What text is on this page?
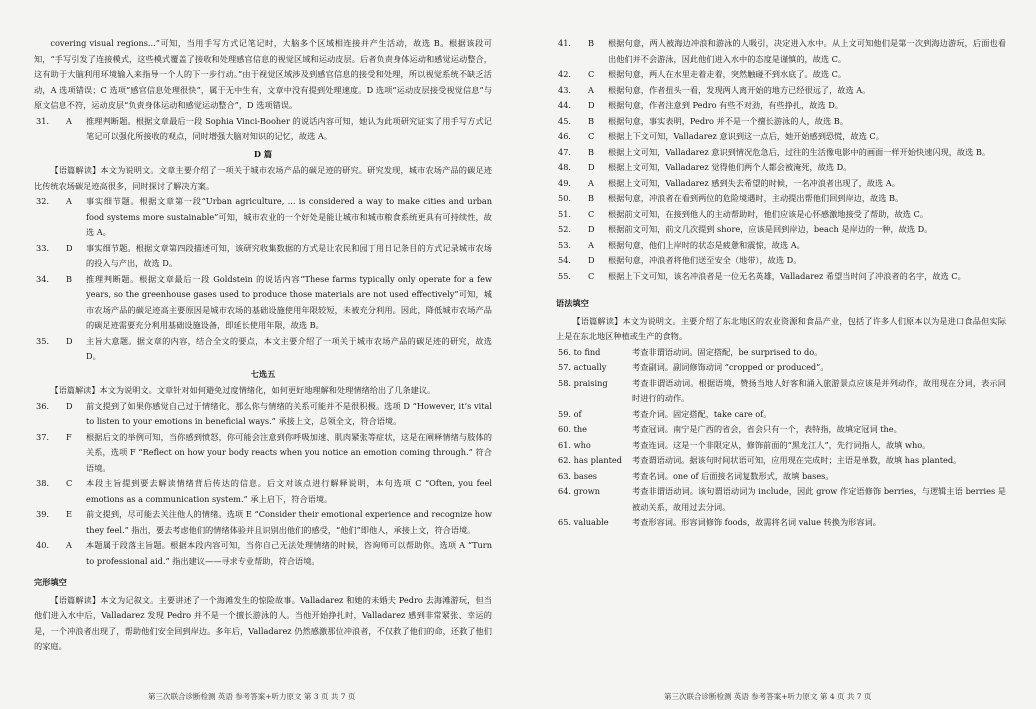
covering visual regions...”可知，当用手写方式记笔记时，大脑多个区域相连接并产生活动，故选 B。根据该段可知，“手写引发了连接模式，这些模式覆盖了接收和处理感官信息的视觉区域和运动皮层。后者负责身体运动和感觉运动整合，这有助于大脑利用环境输入来指导一个人的下一步行动。”由于视觉区域涉及到感官信息的接受和处理，所以视觉系统不缺乏活动，A 选项错误；C 选项“感官信息处理很快”，属于无中生有，文章中没有提到处理速度。D 选项“运动皮层接受视觉信息”与原文信息不符，运动皮层“负责身体运动和感觉运动整合”，D 选项错误。

31.	A	推理判断题。根据文章最后一段 Sophia Vinci-Booher 的说话内容可知，她认为此项研究证实了用手写方式记笔记可以强化所接收的观点，同时增强大脑对知识的记忆，故选 A。
D 篇

【语篇解读】本文为说明文。文章主要介绍了一项关于城市农场产品的碳足迹的研究。研究发现，城市农场产品的碳足迹比传统农场碳足迹高很多，同时探讨了解决方案。

32.	A	事实细节题。根据文章第一段“Urban agriculture, ... is considered a way to make cities and urban food systems more sustainable”可知，城市农业的一个好处是能让城市和城市粮食系统更具有可持续性，故选 A。
33.	D	事实细节题。根据文章第四段描述可知，该研究收集数据的方式是让农民和园丁用日记条目的方式记录城市农场的投入与产出，故选 D。
34.	B	推理判断题。根据文章最后一段 Goldstein 的说话内容“These farms typically only operate for a few years, so the greenhouse gases used to produce those materials are not used effectively”可知，城市农场产品的碳足迹高主要原因是城市农场的基础设施使用年限较短，未被充分利用。因此，降低城市农场产品的碳足迹需要充分利用基础设施设备，即延长使用年限，故选 B。
35.	D	主旨大意题。据文章的内容，结合全文的要点，本文主要介绍了一项关于城市农场产品的碳足迹的研究，故选 D。
七选五

【语篇解读】本文为说明文。文章针对如何避免过度情绪化，如何更好地理解和处理情绪给出了几条建议。

36.	D	前文提到了如果你感觉自己过于情绪化，那么你与情绪的关系可能并不是很积极。选项 D “However, it’s vital to listen to your emotions in beneficial ways.” 承接上文，总领全文，符合语境。
37.	F	根据后文的举例可知，当你感到愤怒，你可能会注意到你呼吸加速、肌肉紧张等症状，这是在阐释情绪与肢体的关系，选项 F “Reflect on how your body reacts when you notice an emotion coming through.” 符合语境。
38.	C	本段主旨提到要去解读情绪背后传达的信息。后文对该点进行解释说明，本句选项 C “Often, you feel emotions as a communication system.” 承上启下，符合语境。
39.	E	前文提到，尽可能去关注他人的情绪。选项 E “Consider their emotional experience and recognize how they feel.” 指出，要去考虑他们的情绪体验并且识别出他们的感受，“他们”即他人，承接上文，符合语境。
40.	A	本题属于段落主旨题。根据本段内容可知，当你自己无法处理情绪的时候，咨询师可以帮助你。选项 A “Turn to professional aid.” 指出建议——寻求专业帮助，符合语境。
完形填空

【语篇解读】本文为记叙文。主要讲述了一个海滩发生的惊险故事。Valladarez 和她的未婚夫 Pedro 去海滩游玩，但当他们进入水中后，Valladarez 发现 Pedro 并不是一个擅长游泳的人。当他开始挣扎时，Valladarez 感到非常紧张、幸运的是，一个冲浪者出现了，帮助他们安全回到岸边。多年后，Valladarez 仍然感激那位冲浪者，不仅救了他们的命，还救了他们的家庭。

第三次联合诊断检测 英语 参考答案+听力原文 第 3 页 共 7 页
41.	B	根据句意，两人被海边冲浪和游泳的人吸引，决定进入水中。从上文可知他们是第一次到海边游玩，后面也看出他们并不会游泳，因此他们进入水中的态度是谨慎的，故选 C。
42.	C	根据句意，两人在水里走着走着，突然触碰不到水底了。故选 C。
43.	A	根据句意，作者扭头一看，发现两人离开始的地方已经很远了，故选 A。
44.	D	根据句意，作者注意到 Pedro 有些不对劲，有些挣扎，故选 D。
45.	B	根据句意，事实表明，Pedro 并不是一个擅长游泳的人，故选 B。
46.	C	根据上下文可知，Valladarez 意识到这一点后，她开始感到恐慌，故选 C。
47.	B	根据上文可知，Valladarez 意识到情况危急后，过往的生活像电影中的画面一样开始快速闪现，故选 B。
48.	D	根据上文可知，Valladarez 觉得他们两个人都会被淹死，故选 D。
49.	A	根据上文可知，Valladarez 感到失去希望的时候，一名冲浪者出现了，故选 A。
50.	B	根据句意，冲浪者在看到两位的危险境遇时，主动提出帮他们回到岸边，故选 B。
51.	C	根据前文可知，在接到他人的主动帮助时，他们应该是心怀感激地接受了帮助，故选 C。
52.	D	根据前文可知，前文几次提到 shore，应该是回到岸边，beach 是岸边的一种，故选 D。
53.	A	根据句意，他们上岸时的状态是疲惫和震惊，故选 A。
54.	D	根据句意，冲浪者将他们送至安全（地带），故选 D。
55.	C	根据上下文可知，该名冲浪者是一位无名英雄，Valladarez 希望当时问了冲浪者的名字，故选 C。
语法填空

【语篇解读】本文为说明文。主要介绍了东北地区的农业资源和食品产业，包括了许多人们原本以为是进口食品但实际上是在东北地区种植或生产的食物。

56. to find	考查非谓语动词。固定搭配，be surprised to do。
57. actually	考查副词。副词修饰动词 “cropped or produced”。
58. praising	考查非谓语动词。根据语境，赞扬当地人好客和涌入旅游景点应该是并列动作，故用现在分词，表示同时进行的动作。
59. of	考查介词。固定搭配，take care of。
60. the	考查冠词。南宁是广西的省会，省会只有一个，表特指，故填定冠词 the。
61. who	考查连词。这是一个非限定从，修饰前面的“黑龙江人”，先行词指人，故填 who。
62. has planted	考查谓语动词。据该句时间状语可知，应用现在完成时；主语是单数，故填 has planted。
63. bases	考查名词。one of 后面接名词复数形式，故填 bases。
64. grown	考查非谓语动词。该句谓语动词为 include，因此 grow 作定语修饰 berries，与逻辑主语 berries 是被动关系，故用过去分词。
65. valuable	考查形容词。形容词修饰 foods，故需将名词 value 转换为形容词。
第三次联合诊断检测 英语 参考答案+听力原文 第 4 页 共 7 页
